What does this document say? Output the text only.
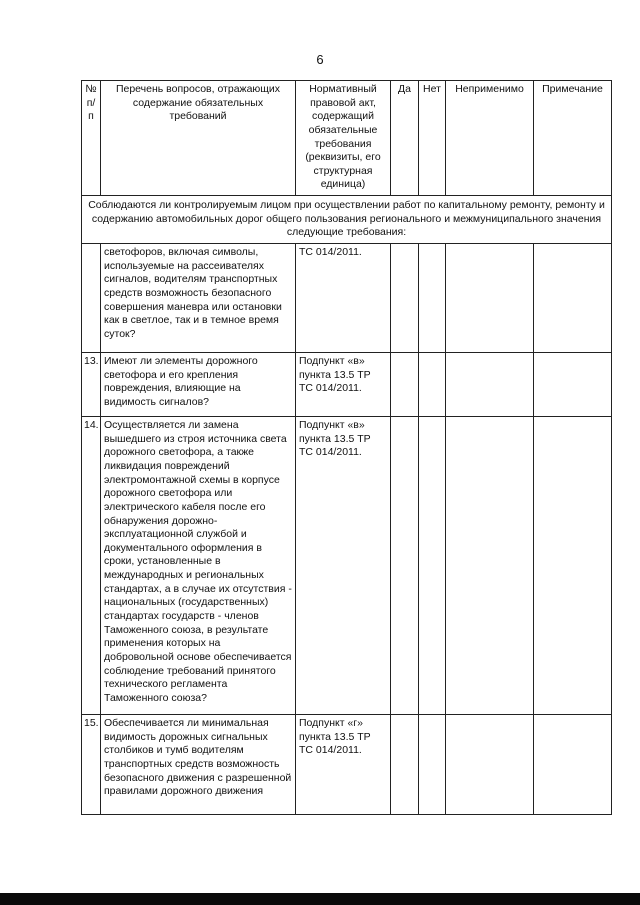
6
№ п/п	Перечень вопросов, отражающих содержание обязательных требований	Нормативный правовой акт, содержащий обязательные требования (реквизиты, его структурная единица)	Да	Нет	Неприменимо	Примечание
Соблюдаются ли контролируемым лицом при осуществлении работ по капитальному ремонту, ремонту и содержанию автомобильных дорог общего пользования регионального и межмуниципального значения следующие требования:						
	светофоров, включая символы, используемые на рассеивателях сигналов, водителям транспортных средств возможность безопасного совершения маневра или остановки как в светлое, так и в темное время суток?	ТС 014/2011.				
13.	Имеют ли элементы дорожного светофора и его крепления повреждения, влияющие на видимость сигналов?	Подпункт «в» пункта 13.5 ТР ТС 014/2011.				
14.	Осуществляется ли замена вышедшего из строя источника света дорожного светофора, а также ликвидация повреждений электромонтажной схемы в корпусе дорожного светофора или электрического кабеля после его обнаружения дорожно-эксплуатационной службой и документального оформления в сроки, установленные в международных и региональных стандартах, а в случае их отсутствия - национальных (государственных) стандартах государств - членов Таможенного союза, в результате применения которых на добровольной основе обеспечивается соблюдение требований принятого технического регламента Таможенного союза?	Подпункт «в» пункта 13.5 ТР ТС 014/2011.				
15.	Обеспечивается ли минимальная видимость дорожных сигнальных столбиков и тумб водителям транспортных средств возможность безопасного движения с разрешенной правилами дорожного движения	Подпункт «г» пункта 13.5 ТР ТС 014/2011.				
